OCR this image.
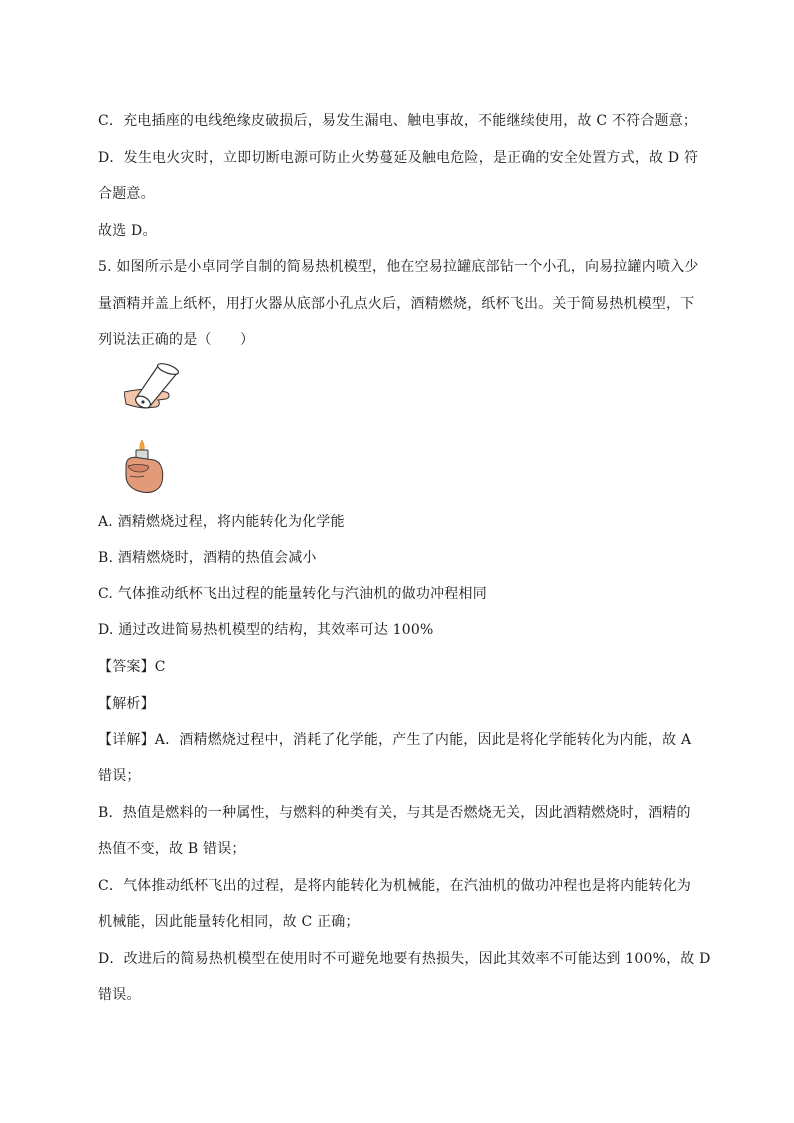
C．充电插座的电线绝缘皮破损后，易发生漏电、触电事故，不能继续使用，故 C 不符合题意；
D．发生电火灾时，立即切断电源可防止火势蔓延及触电危险，是正确的安全处置方式，故 D 符
合题意。
故选 D。
5. 如图所示是小卓同学自制的简易热机模型，他在空易拉罐底部钻一个小孔，向易拉罐内喷入少
量酒精并盖上纸杯，用打火器从底部小孔点火后，酒精燃烧，纸杯飞出。关于简易热机模型，下
列说法正确的是（　　）
A. 酒精燃烧过程，将内能转化为化学能
B. 酒精燃烧时，酒精的热值会减小
C. 气体推动纸杯飞出过程的能量转化与汽油机的做功冲程相同
D. 通过改进简易热机模型的结构，其效率可达 100%
【答案】C
【解析】
【详解】A．酒精燃烧过程中，消耗了化学能，产生了内能，因此是将化学能转化为内能，故 A
错误；
B．热值是燃料的一种属性，与燃料的种类有关，与其是否燃烧无关，因此酒精燃烧时，酒精的
热值不变，故 B 错误；
C．气体推动纸杯飞出的过程，是将内能转化为机械能，在汽油机的做功冲程也是将内能转化为
机械能，因此能量转化相同，故 C 正确；
D．改进后的简易热机模型在使用时不可避免地要有热损失，因此其效率不可能达到 100%，故 D
错误。
